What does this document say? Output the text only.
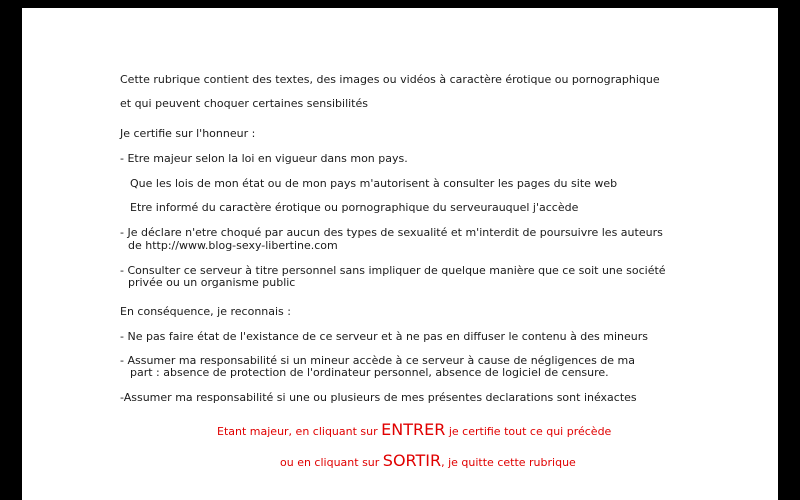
Cette rubrique contient des textes, des images ou vidéos à caractère érotique ou pornographique
et qui peuvent choquer certaines sensibilités
Je certifie sur l'honneur :
- Etre majeur selon la loi en vigueur dans mon pays.
Que les lois de mon état ou de mon pays m'autorisent à consulter les pages du site web
Etre informé du caractère érotique ou pornographique du serveurauquel j'accède
- Je déclare n'etre choqué par aucun des types de sexualité et m'interdit de poursuivre les auteurs
de http://www.blog-sexy-libertine.com
- Consulter ce serveur à titre personnel sans impliquer de quelque manière que ce soit une société
privée ou un organisme public
En conséquence, je reconnais :
- Ne pas faire état de l'existance de ce serveur et à ne pas en diffuser le contenu à des mineurs
- Assumer ma responsabilité si un mineur accède à ce serveur à cause de négligences de ma
part : absence de protection de l'ordinateur personnel, absence de logiciel de censure.
-Assumer ma responsabilité si une ou plusieurs de mes présentes declarations sont inéxactes
Etant majeur, en cliquant sur ENTRER je certifie tout ce qui précède
ou en cliquant sur SORTIR, je quitte cette rubrique
